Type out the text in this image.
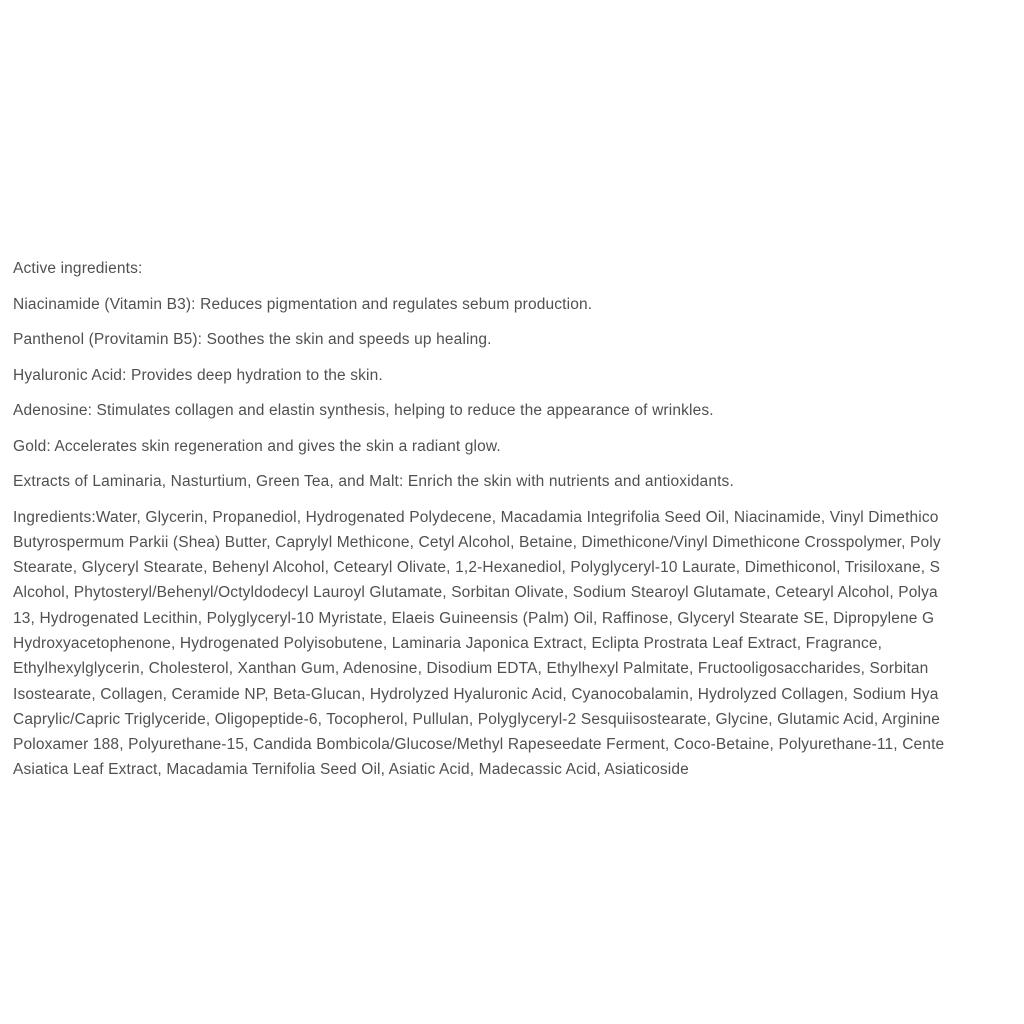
Active ingredients:

Niacinamide (Vitamin B3): Reduces pigmentation and regulates sebum production.

Panthenol (Provitamin B5): Soothes the skin and speeds up healing.

Hyaluronic Acid: Provides deep hydration to the skin.

Adenosine: Stimulates collagen and elastin synthesis, helping to reduce the appearance of wrinkles.

Gold: Accelerates skin regeneration and gives the skin a radiant glow.

Extracts of Laminaria, Nasturtium, Green Tea, and Malt: Enrich the skin with nutrients and antioxidants.

Ingredients:Water, Glycerin, Propanediol, Hydrogenated Polydecene, Macadamia Integrifolia Seed Oil, Niacinamide, Vinyl Dimethico
Butyrospermum Parkii (Shea) Butter, Caprylyl Methicone, Cetyl Alcohol, Betaine, Dimethicone/Vinyl Dimethicone Crosspolymer, Poly
Stearate, Glyceryl Stearate, Behenyl Alcohol, Cetearyl Olivate, 1,2-Hexanediol, Polyglyceryl-10 Laurate, Dimethiconol, Trisiloxane, S
Alcohol, Phytosteryl/Behenyl/Octyldodecyl Lauroyl Glutamate, Sorbitan Olivate, Sodium Stearoyl Glutamate, Cetearyl Alcohol, Polya
13, Hydrogenated Lecithin, Polyglyceryl-10 Myristate, Elaeis Guineensis (Palm) Oil, Raffinose, Glyceryl Stearate SE, Dipropylene G
Hydroxyacetophenone, Hydrogenated Polyisobutene, Laminaria Japonica Extract, Eclipta Prostrata Leaf Extract, Fragrance,
Ethylhexylglycerin, Cholesterol, Xanthan Gum, Adenosine, Disodium EDTA, Ethylhexyl Palmitate, Fructooligosaccharides, Sorbitan
Isostearate, Collagen, Ceramide NP, Beta-Glucan, Hydrolyzed Hyaluronic Acid, Cyanocobalamin, Hydrolyzed Collagen, Sodium Hya
Caprylic/Capric Triglyceride, Oligopeptide-6, Tocopherol, Pullulan, Polyglyceryl-2 Sesquiisostearate, Glycine, Glutamic Acid, Arginine
Poloxamer 188, Polyurethane-15, Candida Bombicola/Glucose/Methyl Rapeseedate Ferment, Coco-Betaine, Polyurethane-11, Cente
Asiatica Leaf Extract, Macadamia Ternifolia Seed Oil, Asiatic Acid, Madecassic Acid, Asiaticoside
